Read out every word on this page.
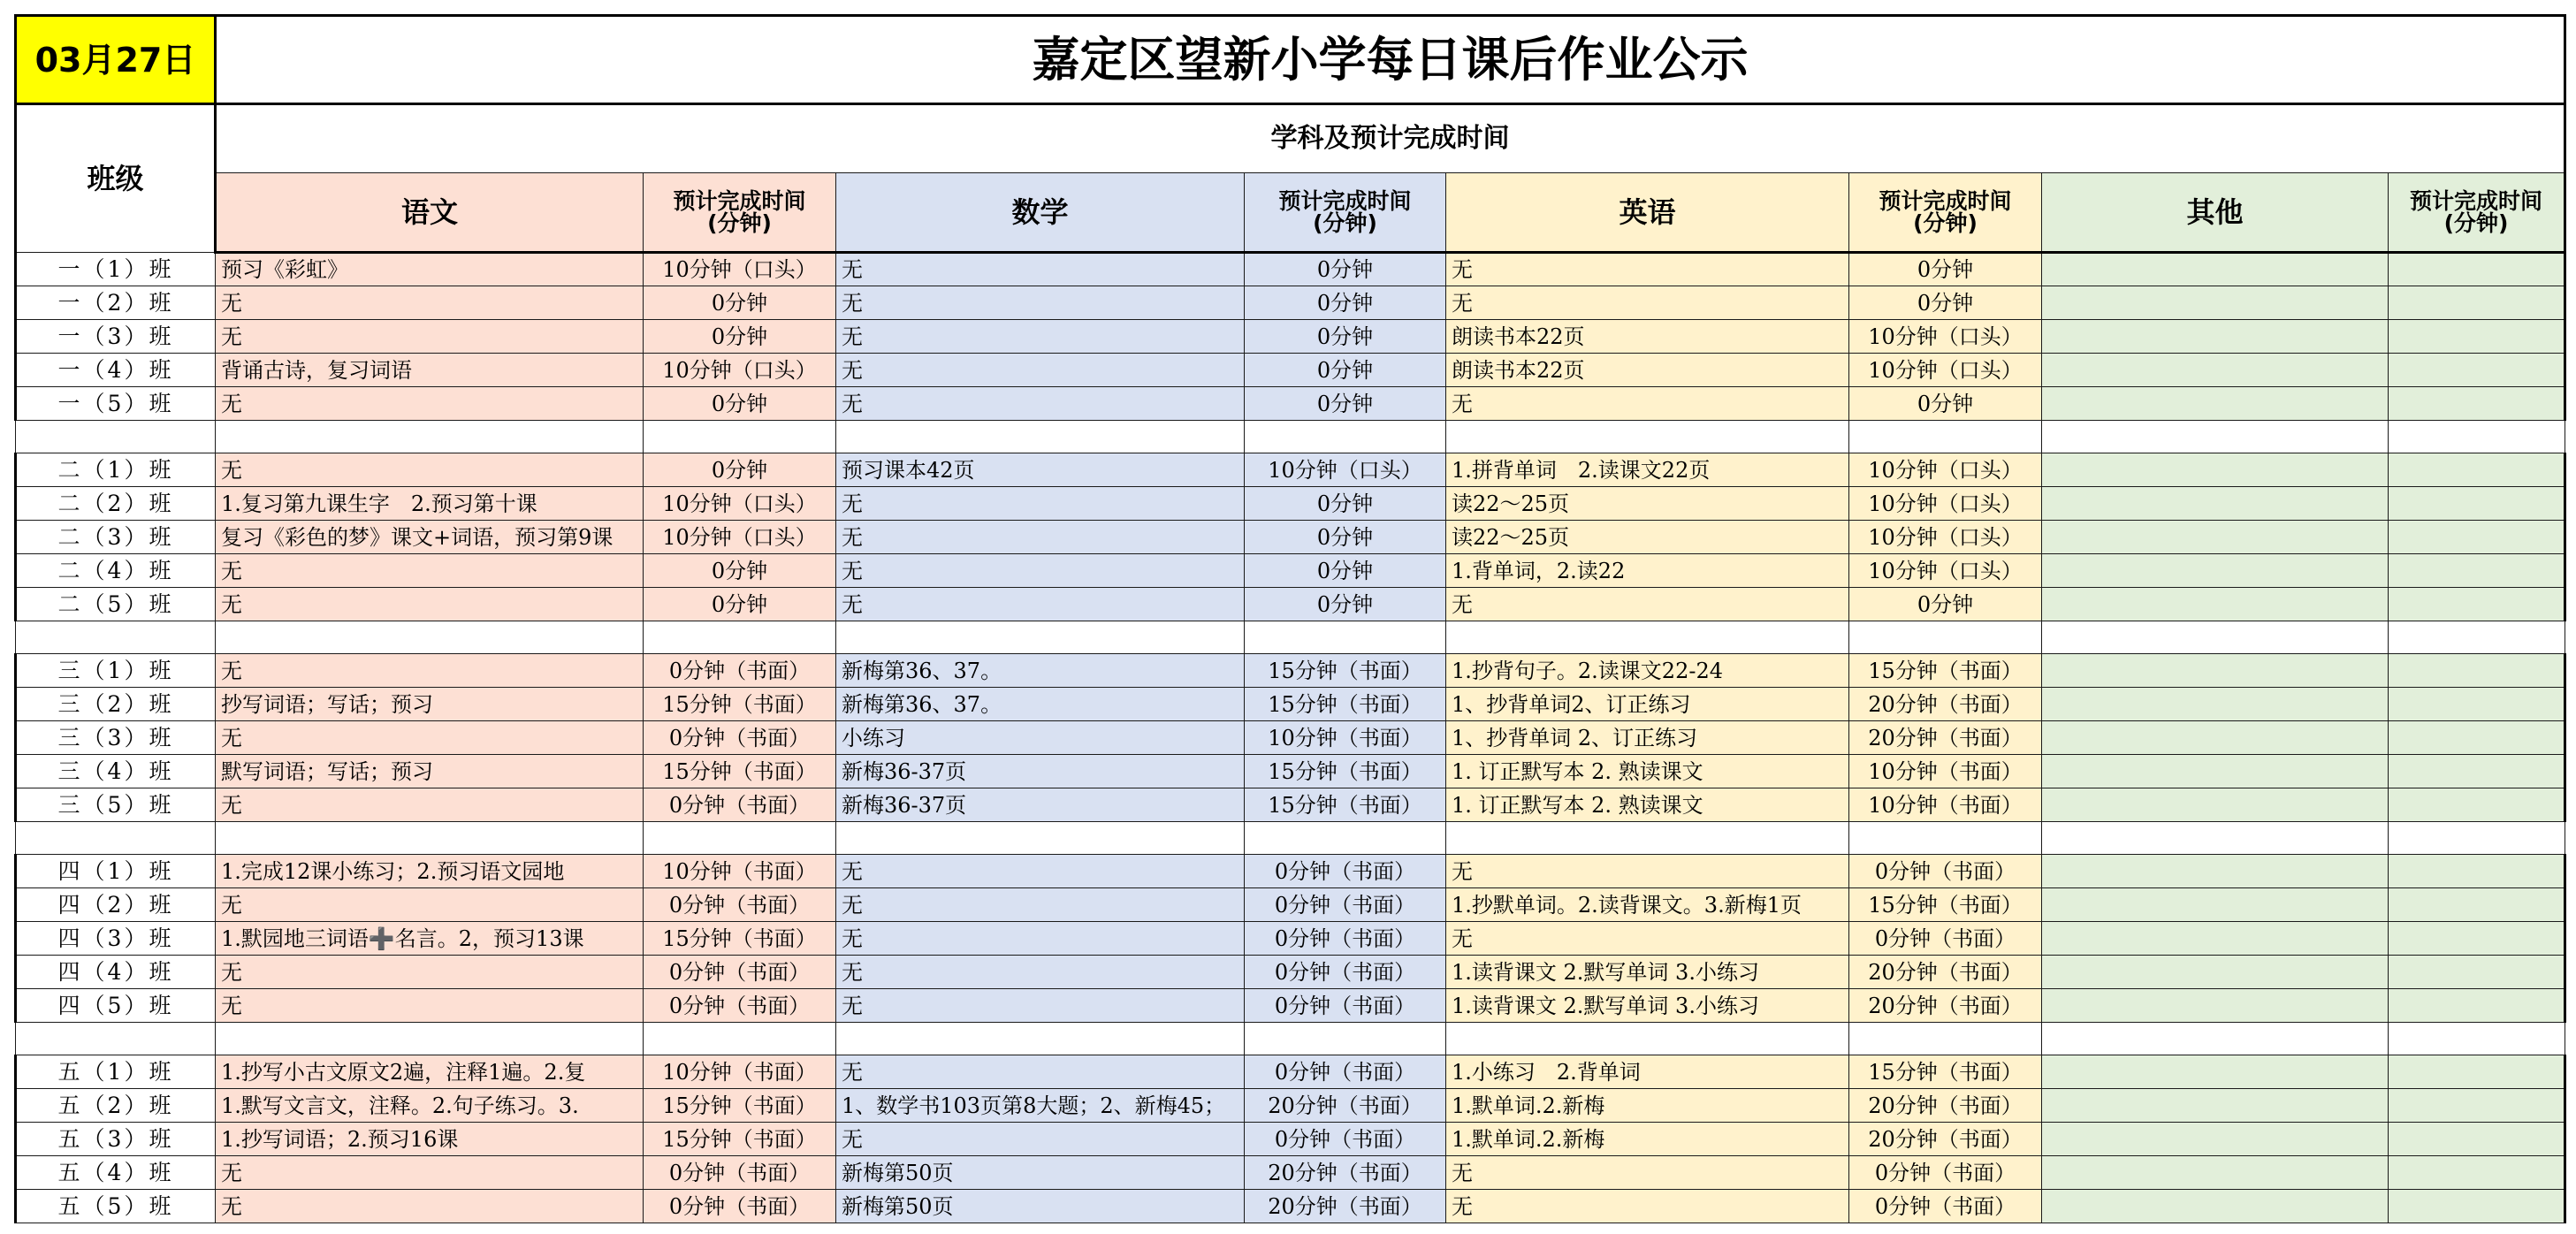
03月27日	嘉定区望新小学每日课后作业公示							
班级	学科及预计完成时间							
	语文	预计完成时间
(分钟)	数学	预计完成时间
(分钟)	英语	预计完成时间
(分钟)	其他	预计完成时间
(分钟)
一（1）班	预习《彩虹》	10分钟（口头）	无	0分钟	无	0分钟		
一（2）班	无	0分钟	无	0分钟	无	0分钟		
一（3）班	无	0分钟	无	0分钟	朗读书本22页	10分钟（口头）		
一（4）班	背诵古诗，复习词语	10分钟（口头）	无	0分钟	朗读书本22页	10分钟（口头）		
一（5）班	无	0分钟	无	0分钟	无	0分钟		

二（1）班	无	0分钟	预习课本42页	10分钟（口头）	1.拼背单词　2.读课文22页	10分钟（口头）		
二（2）班	1.复习第九课生字　2.预习第十课	10分钟（口头）	无	0分钟	读22～25页	10分钟（口头）		
二（3）班	复习《彩色的梦》课文+词语，预习第9课	10分钟（口头）	无	0分钟	读22～25页	10分钟（口头）		
二（4）班	无	0分钟	无	0分钟	1.背单词，2.读22	10分钟（口头）		
二（5）班	无	0分钟	无	0分钟	无	0分钟		

三（1）班	无	0分钟（书面）	新梅第36、37。	15分钟（书面）	1.抄背句子。2.读课文22-24	15分钟（书面）		
三（2）班	抄写词语；写话；预习	15分钟（书面）	新梅第36、37。	15分钟（书面）	1、抄背单词2、订正练习	20分钟（书面）		
三（3）班	无	0分钟（书面）	小练习	10分钟（书面）	1、抄背单词 2、订正练习	20分钟（书面）		
三（4）班	默写词语；写话；预习	15分钟（书面）	新梅36-37页	15分钟（书面）	1. 订正默写本 2. 熟读课文	10分钟（书面）		
三（5）班	无	0分钟（书面）	新梅36-37页	15分钟（书面）	1. 订正默写本 2. 熟读课文	10分钟（书面）		

四（1）班	1.完成12课小练习；2.预习语文园地	10分钟（书面）	无	0分钟（书面）	无	0分钟（书面）		
四（2）班	无	0分钟（书面）	无	0分钟（书面）	1.抄默单词。2.读背课文。3.新梅1页	15分钟（书面）		
四（3）班	1.默园地三词语➕名言。2，预习13课	15分钟（书面）	无	0分钟（书面）	无	0分钟（书面）		
四（4）班	无	0分钟（书面）	无	0分钟（书面）	1.读背课文 2.默写单词 3.小练习	20分钟（书面）		
四（5）班	无	0分钟（书面）	无	0分钟（书面）	1.读背课文 2.默写单词 3.小练习	20分钟（书面）		

五（1）班	1.抄写小古文原文2遍，注释1遍。2.复	10分钟（书面）	无	0分钟（书面）	1.小练习　2.背单词	15分钟（书面）		
五（2）班	1.默写文言文，注释。2.句子练习。3.	15分钟（书面）	1、数学书103页第8大题；2、新梅45；	20分钟（书面）	1.默单词.2.新梅	20分钟（书面）		
五（3）班	1.抄写词语；2.预习16课	15分钟（书面）	无	0分钟（书面）	1.默单词.2.新梅	20分钟（书面）		
五（4）班	无	0分钟（书面）	新梅第50页	20分钟（书面）	无	0分钟（书面）		
五（5）班	无	0分钟（书面）	新梅第50页	20分钟（书面）	无	0分钟（书面）		
